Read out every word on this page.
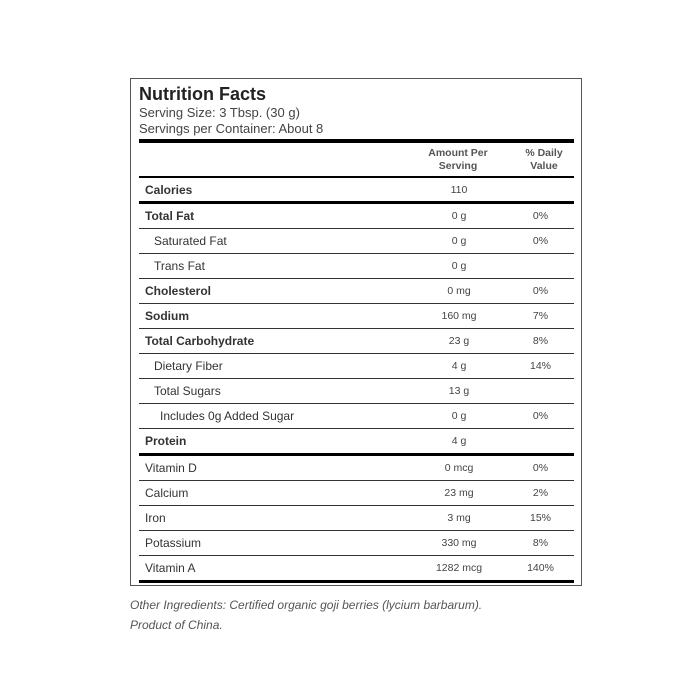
Nutrition Facts
Serving Size: 3 Tbsp. (30 g)
Servings per Container: About 8
Amount Per
Serving
% Daily
Value
Calories	110	
Total Fat	0 g	0%
Saturated Fat	0 g	0%
Trans Fat	0 g	
Cholesterol	0 mg	0%
Sodium	160 mg	7%
Total Carbohydrate	23 g	8%
Dietary Fiber	4 g	14%
Total Sugars	13 g	
Includes 0g Added Sugar	0 g	0%
Protein	4 g	
Vitamin D	0 mcg	0%
Calcium	23 mg	2%
Iron	3 mg	15%
Potassium	330 mg	8%
Vitamin A	1282 mcg	140%

Other Ingredients: Certified organic goji berries (lycium barbarum).

Product of China.
